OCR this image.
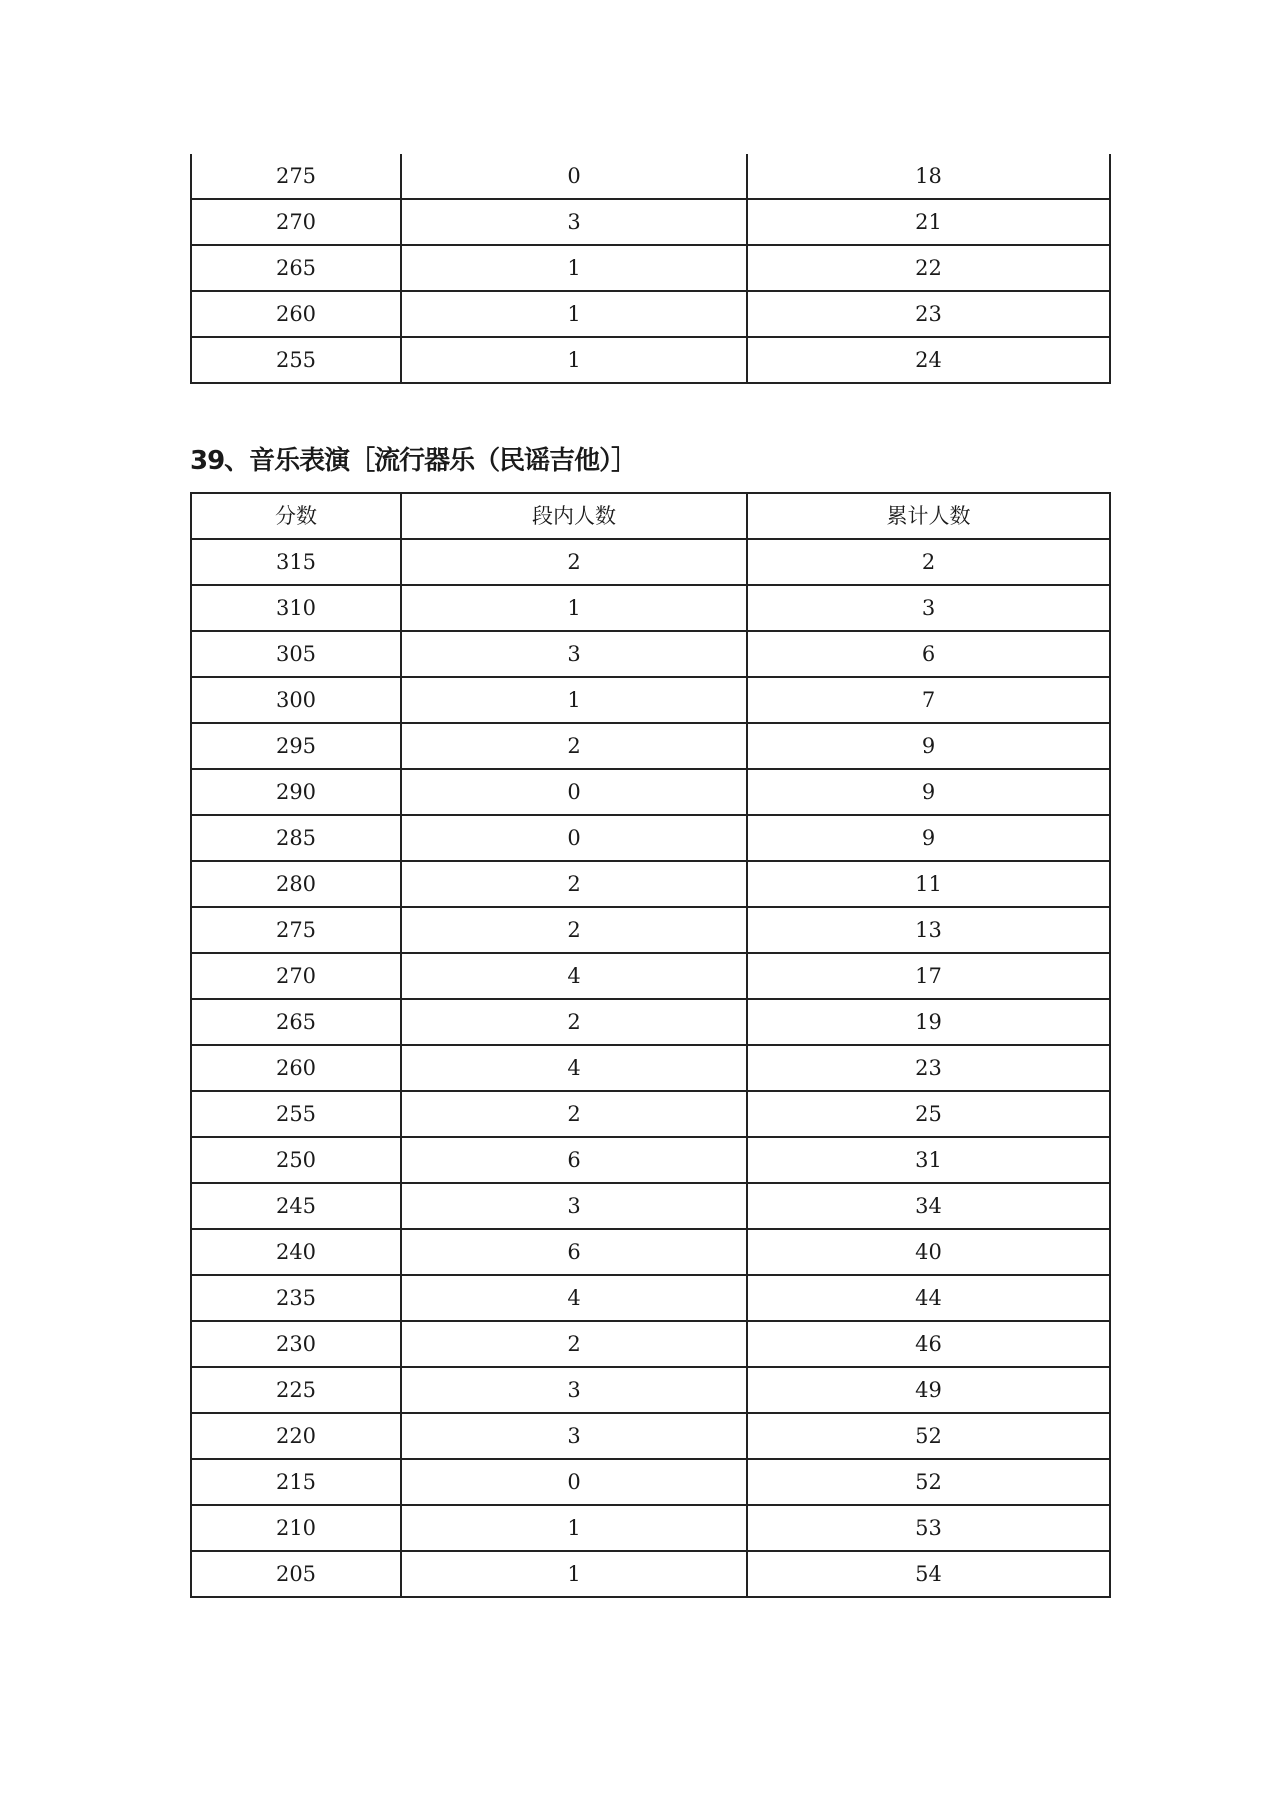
275	0	18
270	3	21
265	1	22
260	1	23
255	1	24
39、音乐表演［流行器乐（民谣吉他）］
分数	段内人数	累计人数
315	2	2
310	1	3
305	3	6
300	1	7
295	2	9
290	0	9
285	0	9
280	2	11
275	2	13
270	4	17
265	2	19
260	4	23
255	2	25
250	6	31
245	3	34
240	6	40
235	4	44
230	2	46
225	3	49
220	3	52
215	0	52
210	1	53
205	1	54
